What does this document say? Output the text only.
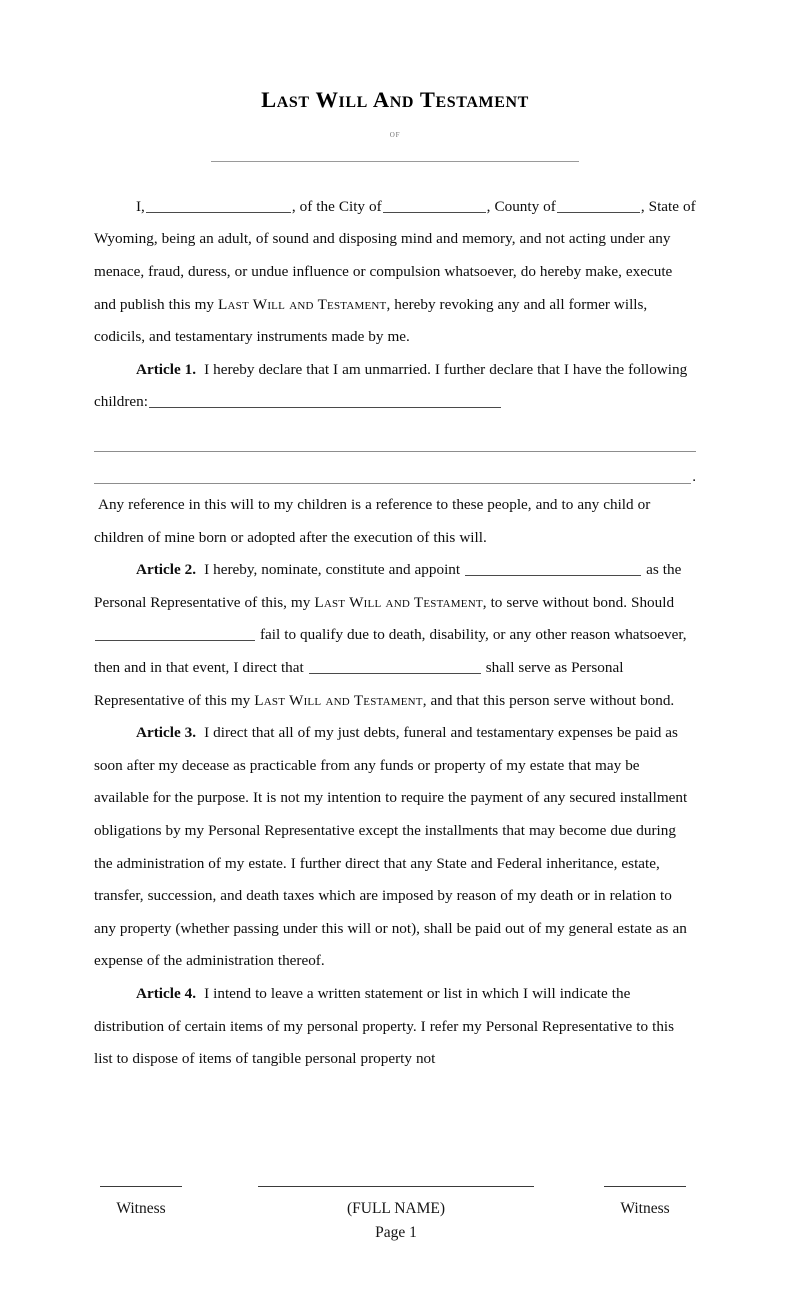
Last Will And Testament
of

I,	, of the City of	, County of	, State of Wyoming, being an adult, of sound and disposing mind and memory, and not acting under any menace, fraud, duress, or undue influence or compulsion whatsoever, do hereby make, execute and publish this my Last Will and Testament, hereby revoking any and all former wills, codicils, and testamentary instruments made by me.

Article 1. I hereby declare that I am unmarried. I further declare that I have the following children:

.

Any reference in this will to my children is a reference to these people, and to any child or children of mine born or adopted after the execution of this will.

Article 2. I hereby, nominate, constitute and appoint	as the Personal Representative of this, my Last Will and Testament, to serve without bond. Should  fail to qualify due to death, disability, or any other reason whatsoever, then and in that event, I direct that	shall serve as Personal Representative of this my Last Will and Testament, and that this person serve without bond.

Article 3. I direct that all of my just debts, funeral and testamentary expenses be paid as soon after my decease as practicable from any funds or property of my estate that may be available for the purpose. It is not my intention to require the payment of any secured installment obligations by my Personal Representative except the installments that may become due during the administration of my estate. I further direct that any State and Federal inheritance, estate, transfer, succession, and death taxes which are imposed by reason of my death or in relation to any property (whether passing under this will or not), shall be paid out of my general estate as an expense of the administration thereof.

Article 4. I intend to leave a written statement or list in which I will indicate the distribution of certain items of my personal property. I refer my Personal Representative to this list to dispose of items of tangible personal property not

Witness	(FULL NAME)	Witness
Page 1
